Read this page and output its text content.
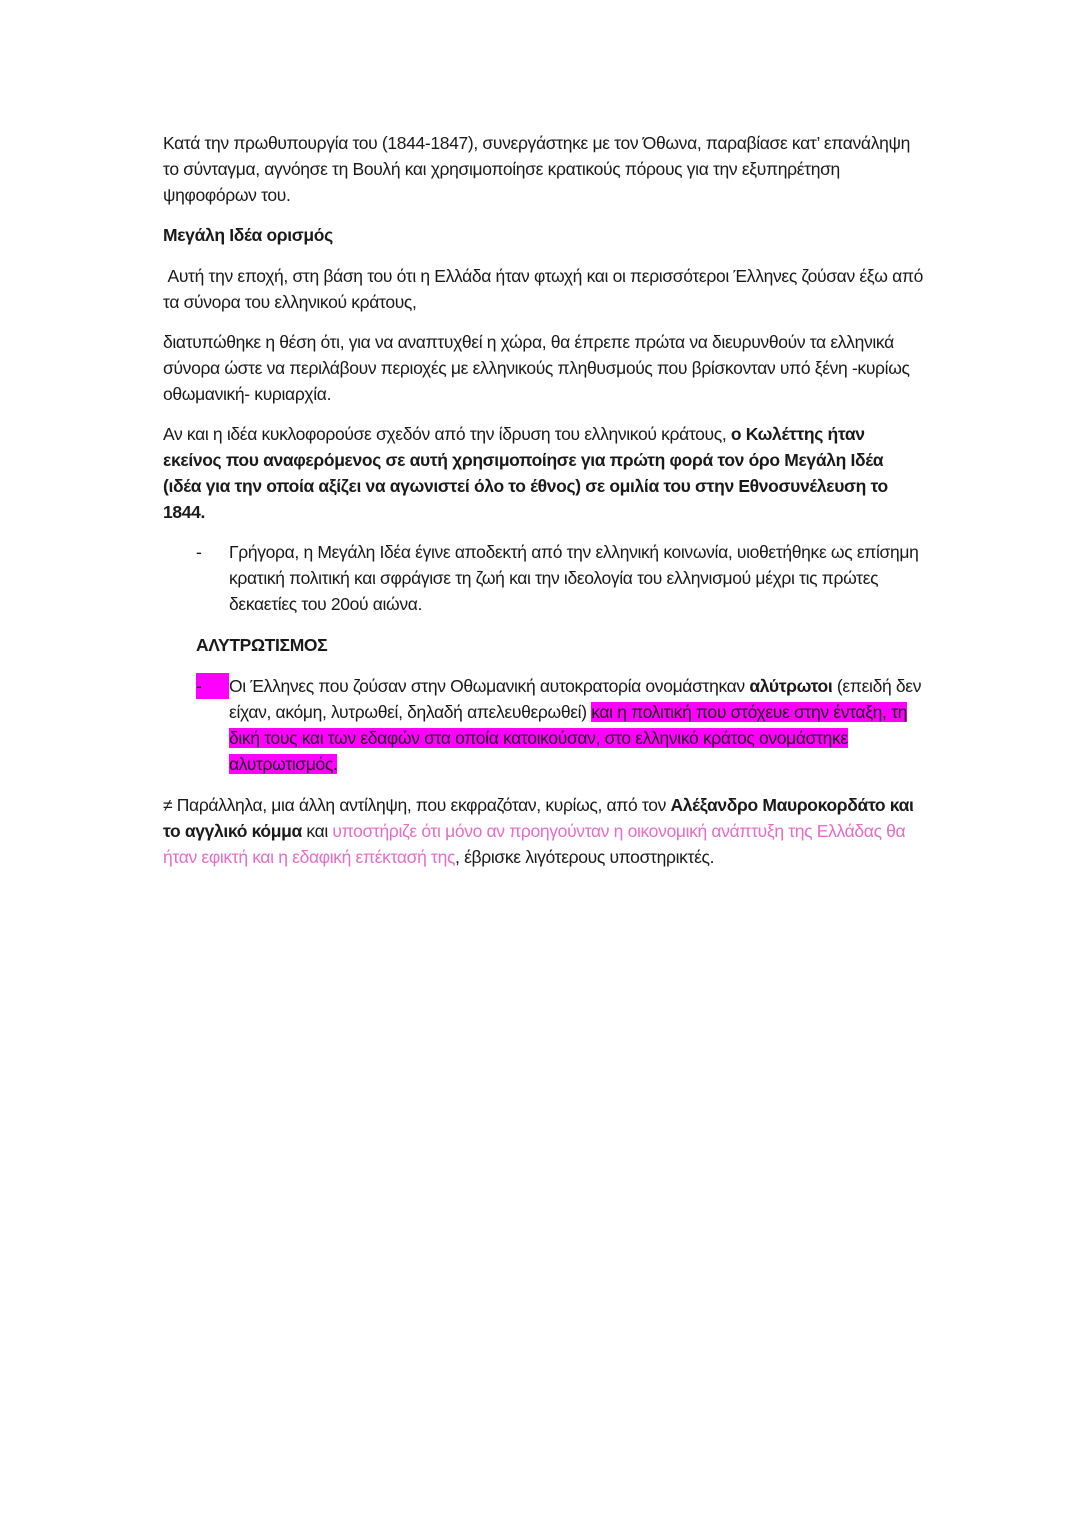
Κατά την πρωθυπουργία του (1844-1847), συνεργάστηκε με τον Όθωνα, παραβίασε κατ’ επανάληψη το σύνταγμα, αγνόησε τη Βουλή και χρησιμοποίησε κρατικούς πόρους για την εξυπηρέτηση ψηφοφόρων του.

Μεγάλη Ιδέα ορισμός

Αυτή την εποχή, στη βάση του ότι η Ελλάδα ήταν φτωχή και οι περισσότεροι Έλληνες ζούσαν έξω από τα σύνορα του ελληνικού κράτους,

διατυπώθηκε η θέση ότι, για να αναπτυχθεί η χώρα, θα έπρεπε πρώτα να διευρυνθούν τα ελληνικά σύνορα ώστε να περιλάβουν περιοχές με ελληνικούς πληθυσμούς που βρίσκονταν υπό ξένη -κυρίως οθωμανική- κυριαρχία.

Αν και η ιδέα κυκλοφορούσε σχεδόν από την ίδρυση του ελληνικού κράτους, ο Κωλέττης ήταν εκείνος που αναφερόμενος σε αυτή χρησιμοποίησε για πρώτη φορά τον όρο Μεγάλη Ιδέα (ιδέα για την οποία αξίζει να αγωνιστεί όλο το έθνος) σε ομιλία του στην Εθνοσυνέλευση το 1844.

-	Γρήγορα, η Μεγάλη Ιδέα έγινε αποδεκτή από την ελληνική κοινωνία, υιοθετήθηκε ως επίσημη κρατική πολιτική και σφράγισε τη ζωή και την ιδεολογία του ελληνισμού μέχρι τις πρώτες δεκαετίες του 20ού αιώνα.

ΑΛΥΤΡΩΤΙΣΜΟΣ

-	Οι Έλληνες που ζούσαν στην Οθωμανική αυτοκρατορία ονομάστηκαν αλύτρωτοι (επειδή δεν είχαν, ακόμη, λυτρωθεί, δηλαδή απελευθερωθεί) και η πολιτική που στόχευε στην ένταξη, τη δική τους και των εδαφών στα οποία κατοικούσαν, στο ελληνικό κράτος ονομάστηκε αλυτρωτισμός.

≠ Παράλληλα, μια άλλη αντίληψη, που εκφραζόταν, κυρίως, από τον Αλέξανδρο Μαυροκορδάτο και το αγγλικό κόμμα και υποστήριζε ότι μόνο αν προηγούνταν η οικονομική ανάπτυξη της Ελλάδας θα ήταν εφικτή και η εδαφική επέκτασή της, έβρισκε λιγότερους υποστηρικτές.
